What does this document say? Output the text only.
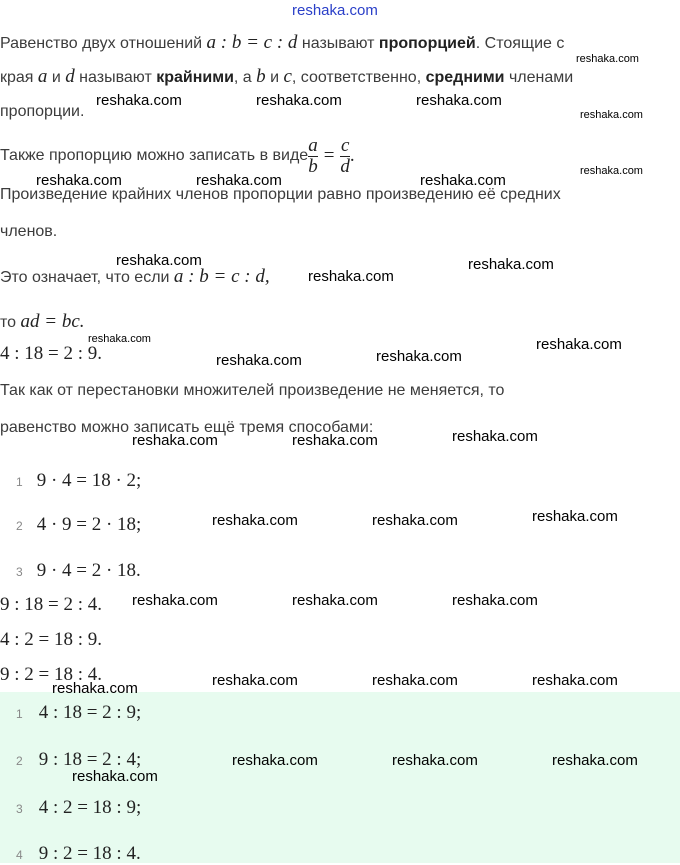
reshaka.com
Равенство двух отношений a : b = c : d называют пропорцией. Стоящие с
края a и d называют крайними, а b и c, соответственно, средними членами
пропорции.
Также пропорцию можно записать в виде $\frac{a}{b} = \frac{c}{d}$ .
Произведение крайних членов пропорции равно произведению её средних
членов.
Это означает, что если a : b = c : d,
то ad = bc.
4 : 18 = 2 : 9.
Так как от перестановки множителей произведение не меняется, то
равенство можно записать ещё тремя способами:
1 9 · 4 = 18 · 2;
2 4 · 9 = 2 · 18;
3 9 · 4 = 2 · 18.
9 : 18 = 2 : 4.
4 : 2 = 18 : 9.
9 : 2 = 18 : 4.
1 4 : 18 = 2 : 9;
2 9 : 18 = 2 : 4;
3 4 : 2 = 18 : 9;
4 9 : 2 = 18 : 4.
reshaka.com
reshaka.com	reshaka.com	reshaka.com
reshaka.com
reshaka.com
reshaka.com	reshaka.com	reshaka.com
reshaka.com	reshaka.com
reshaka.com
reshaka.com	reshaka.com
reshaka.com	reshaka.com
reshaka.com	reshaka.com	reshaka.com
reshaka.com	reshaka.com	reshaka.com
reshaka.com	reshaka.com	reshaka.com
reshaka.com	reshaka.com	reshaka.com
reshaka.com
reshaka.com	reshaka.com	reshaka.com
reshaka.com
